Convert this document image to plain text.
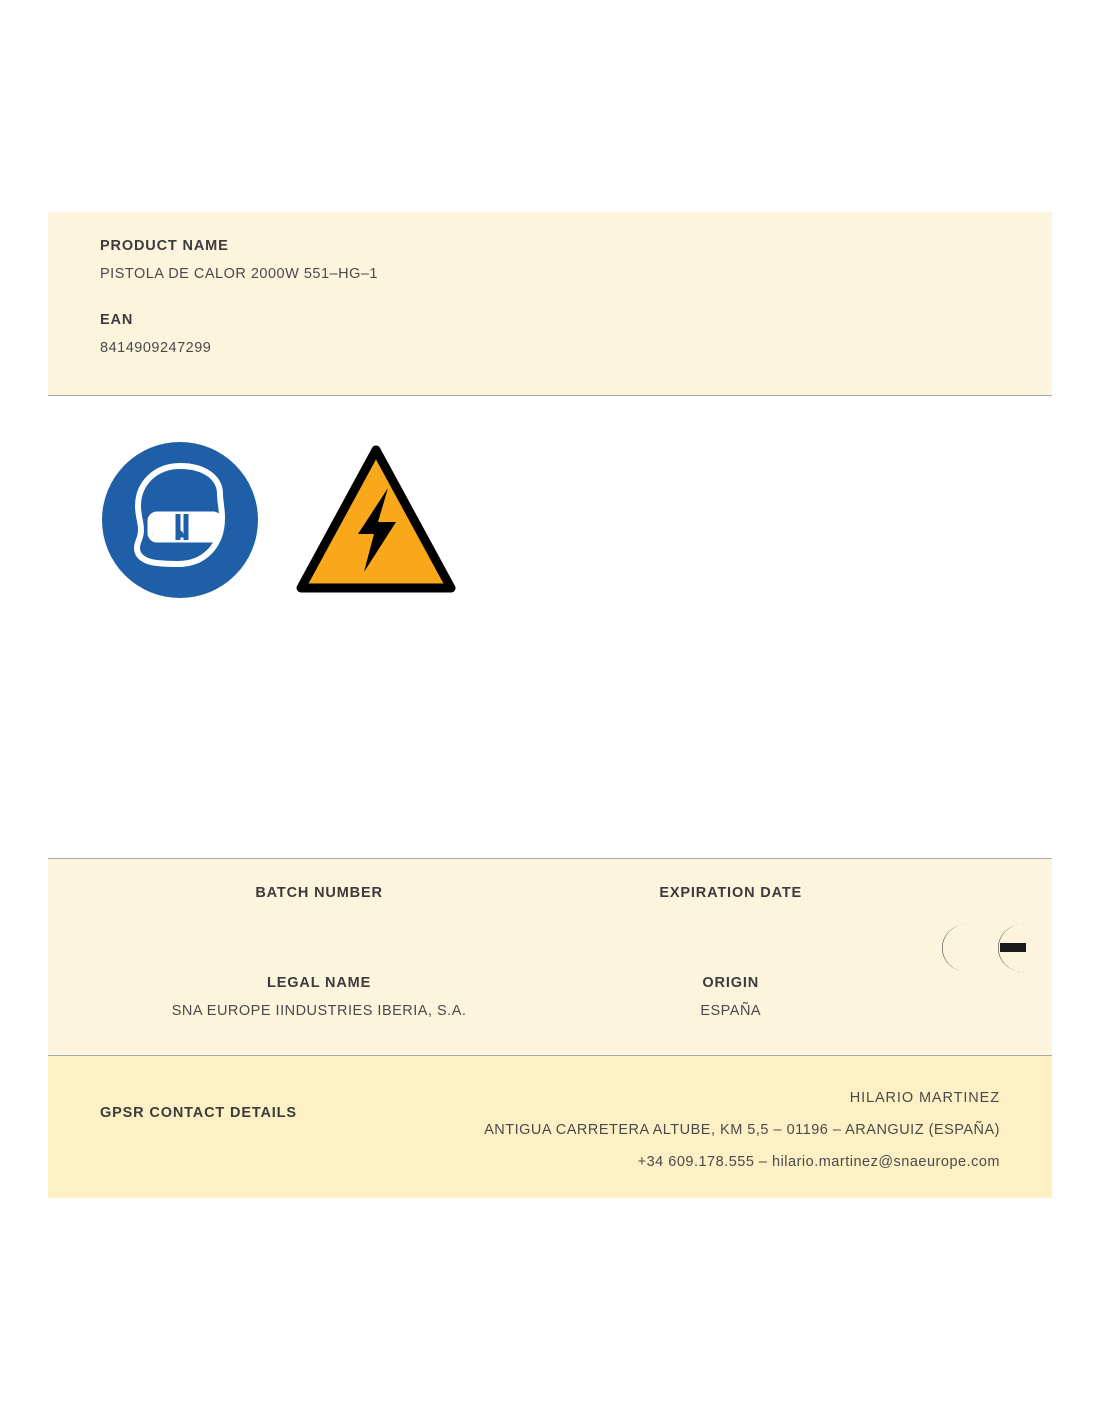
PRODUCT NAME

PISTOLA DE CALOR 2000W 551–HG–1

EAN

8414909247299

BATCH NUMBER	EXPIRATION DATE

LEGAL NAME

SNA EUROPE IINDUSTRIES IBERIA, S.A.

ORIGIN

ESPAÑA

GPSR CONTACT DETAILS

HILARIO MARTINEZ

ANTIGUA CARRETERA ALTUBE, KM 5,5 – 01196 – ARANGUIZ (ESPAÑA)

+34 609.178.555 – hilario.martinez@snaeurope.com
